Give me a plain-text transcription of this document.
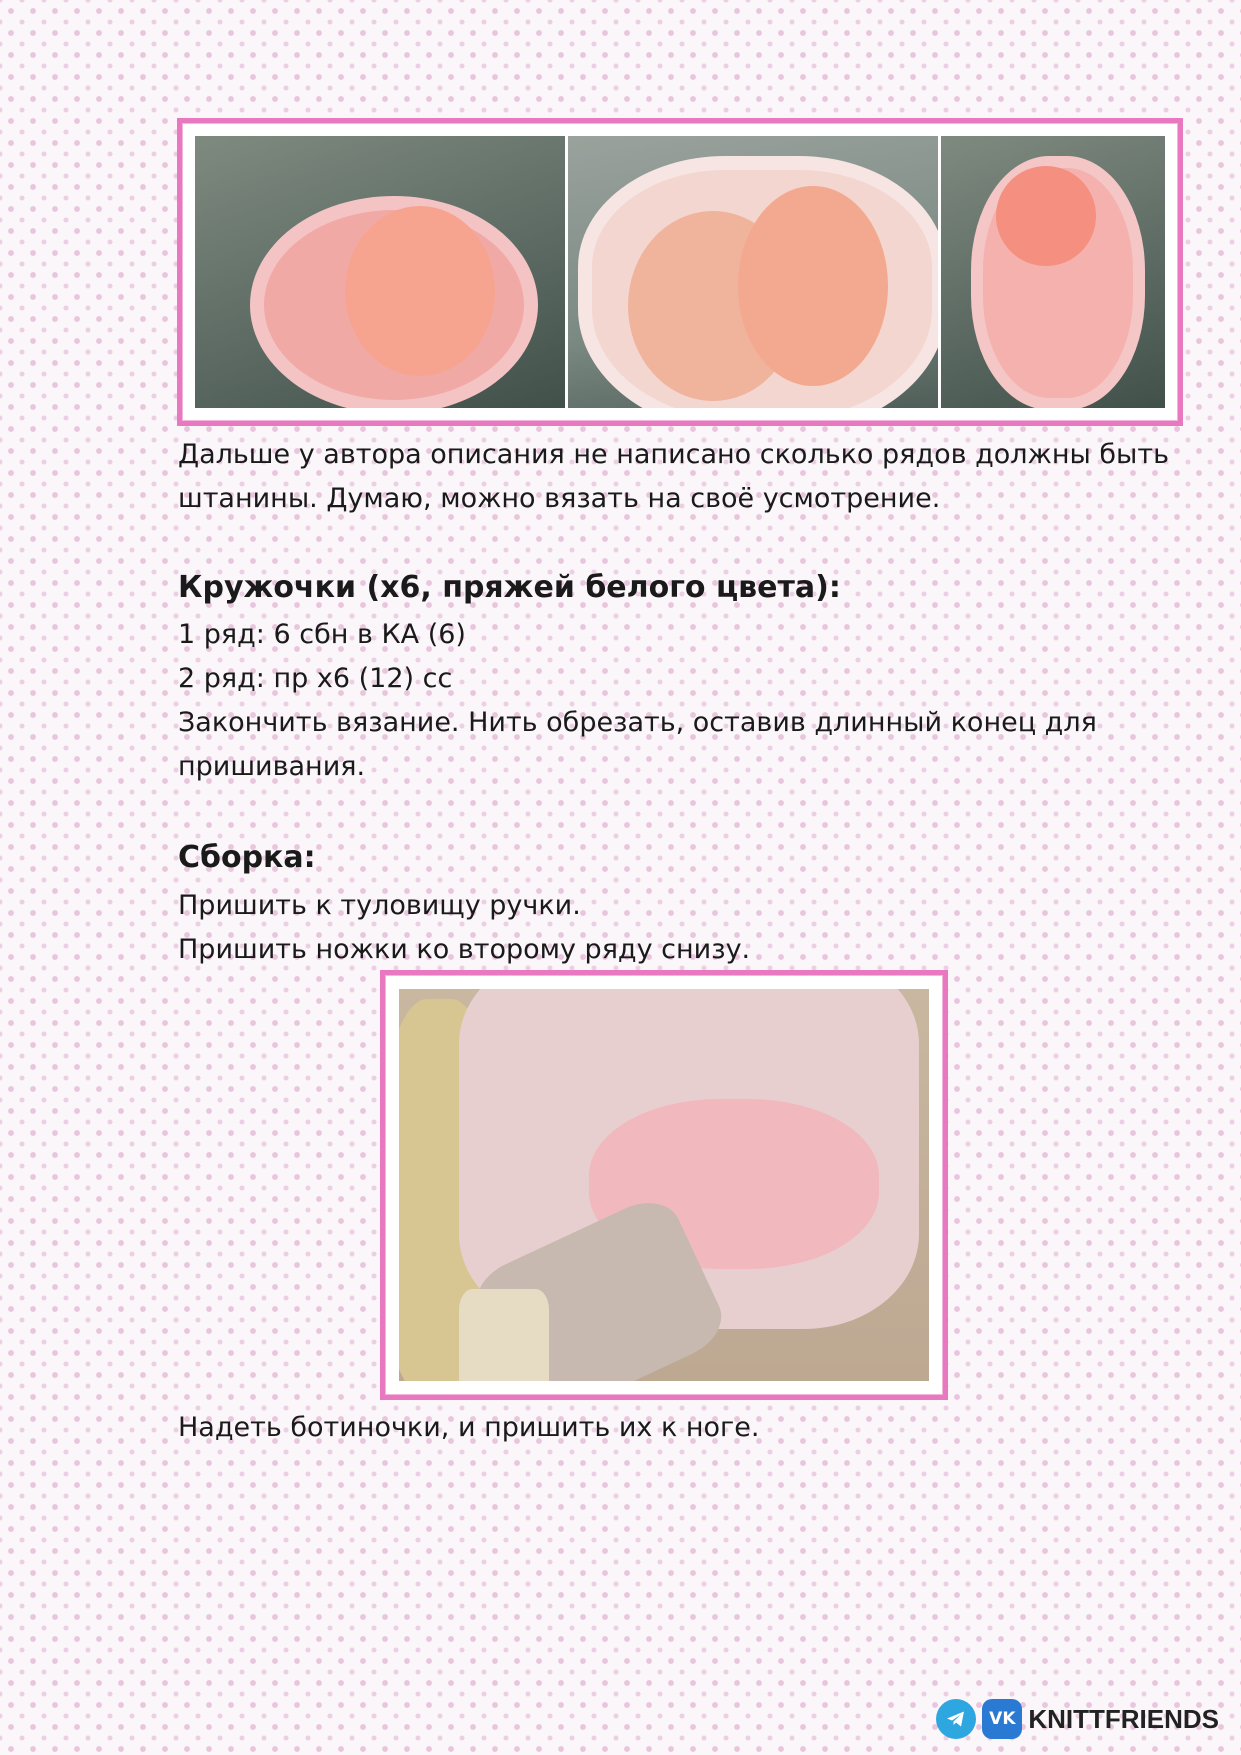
Дальше у автора описания не написано сколько рядов должны быть
штанины. Думаю, можно вязать на своё усмотрение.
Кружочки (х6, пряжей белого цвета):
1 ряд: 6 сбн в КА (6)
2 ряд: пр х6 (12) сс
Закончить вязание. Нить обрезать, оставив длинный конец для
пришивания.
Сборка:
Пришить к туловищу ручки.
Пришить ножки ко второму ряду снизу.
Надеть ботиночки, и пришить их к ноге.
VK KNITTFRIENDS
